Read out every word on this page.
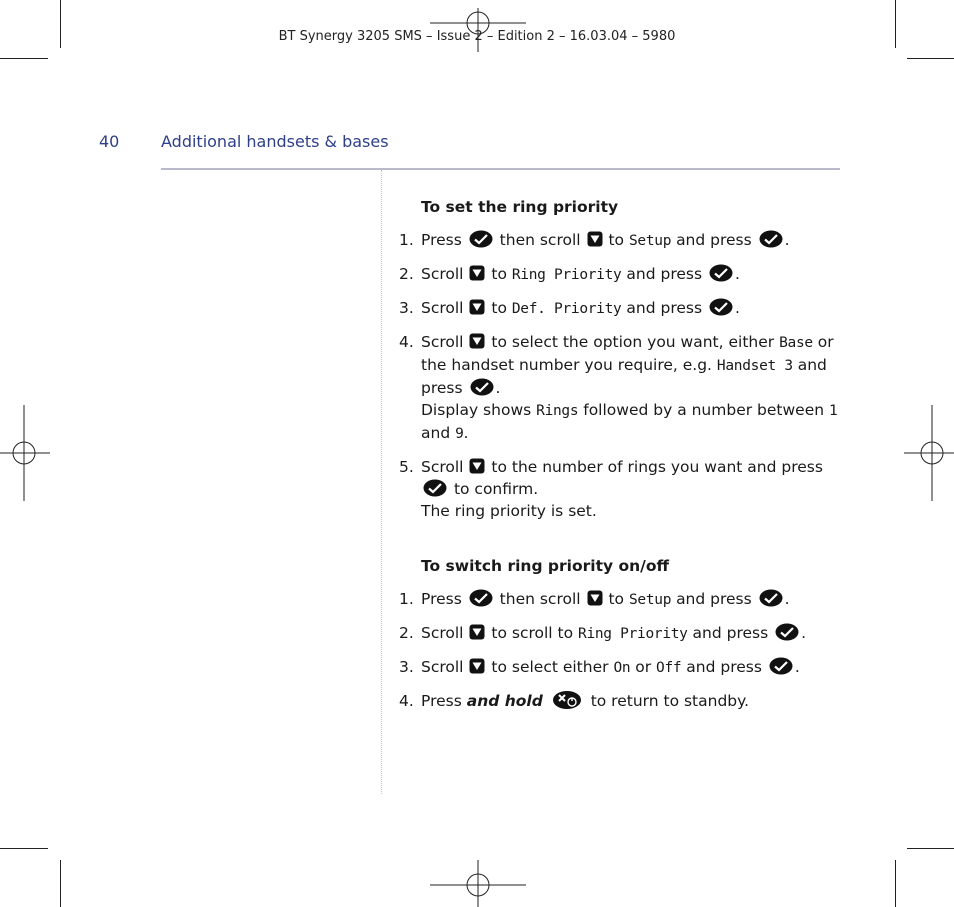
BT Synergy 3205 SMS – Issue 2 – Edition 2 – 16.03.04 – 5980
40	Additional handsets & bases
To set the ring priority
1. Press then scroll to Setup and press .
2. Scroll to Ring Priority and press .
3. Scroll to Def. Priority and press .
4. Scroll to select the option you want, either Base or the handset number you require, e.g. Handset 3 and press .
Display shows Rings followed by a number between 1 and 9.
5. Scroll to the number of rings you want and press  to confirm.
The ring priority is set.
To switch ring priority on/off
1. Press then scroll to Setup and press .
2. Scroll to scroll to Ring Priority and press .
3. Scroll to select either On or Off and press .
4. Press and hold	to return to standby.
